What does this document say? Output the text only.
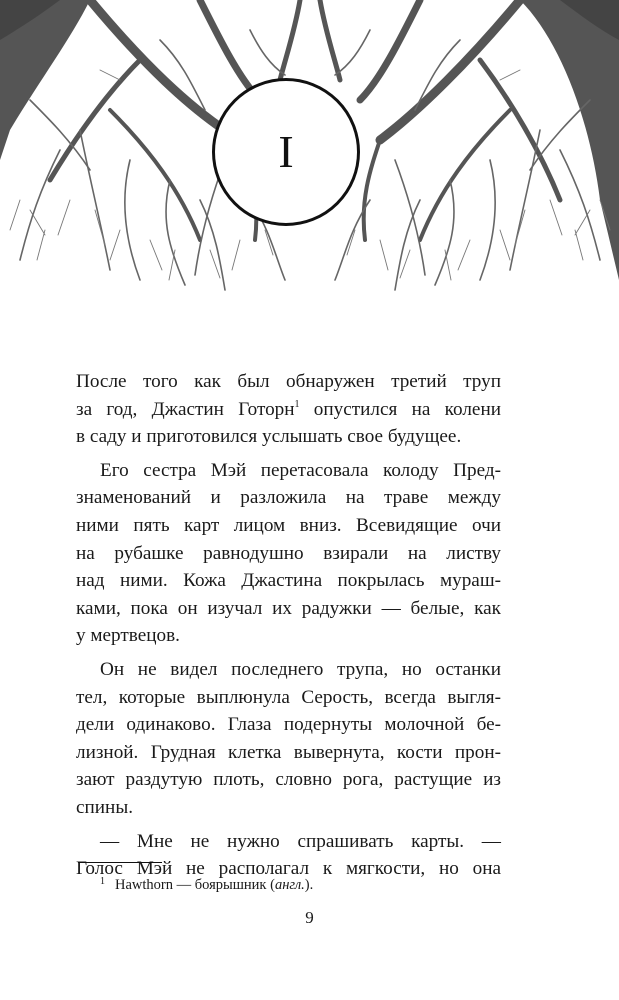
I

После того как был обнаружен третий труп
за год, Джастин Готорн$^1$ опустился на колени
в саду и приготовился услышать свое будущее.

Его сестра Мэй перетасовала колоду Пред-
знаменований и разложила на траве между
ними пять карт лицом вниз. Всевидящие очи
на рубашке равнодушно взирали на листву
над ними. Кожа Джастина покрылась мураш-
ками, пока он изучал их радужки — белые, как
у мертвецов.

Он не видел последнего трупа, но останки
тел, которые выплюнула Серость, всегда выгля-
дели одинаково. Глаза подернуты молочной бе-
лизной. Грудная клетка вывернута, кости прон-
зают раздутую плоть, словно рога, растущие из
спины.

— Мне не нужно спрашивать карты. —
Голос Мэй не располагал к мягкости, но она

$^1$ Hawthorn — боярышник (англ.).
9
